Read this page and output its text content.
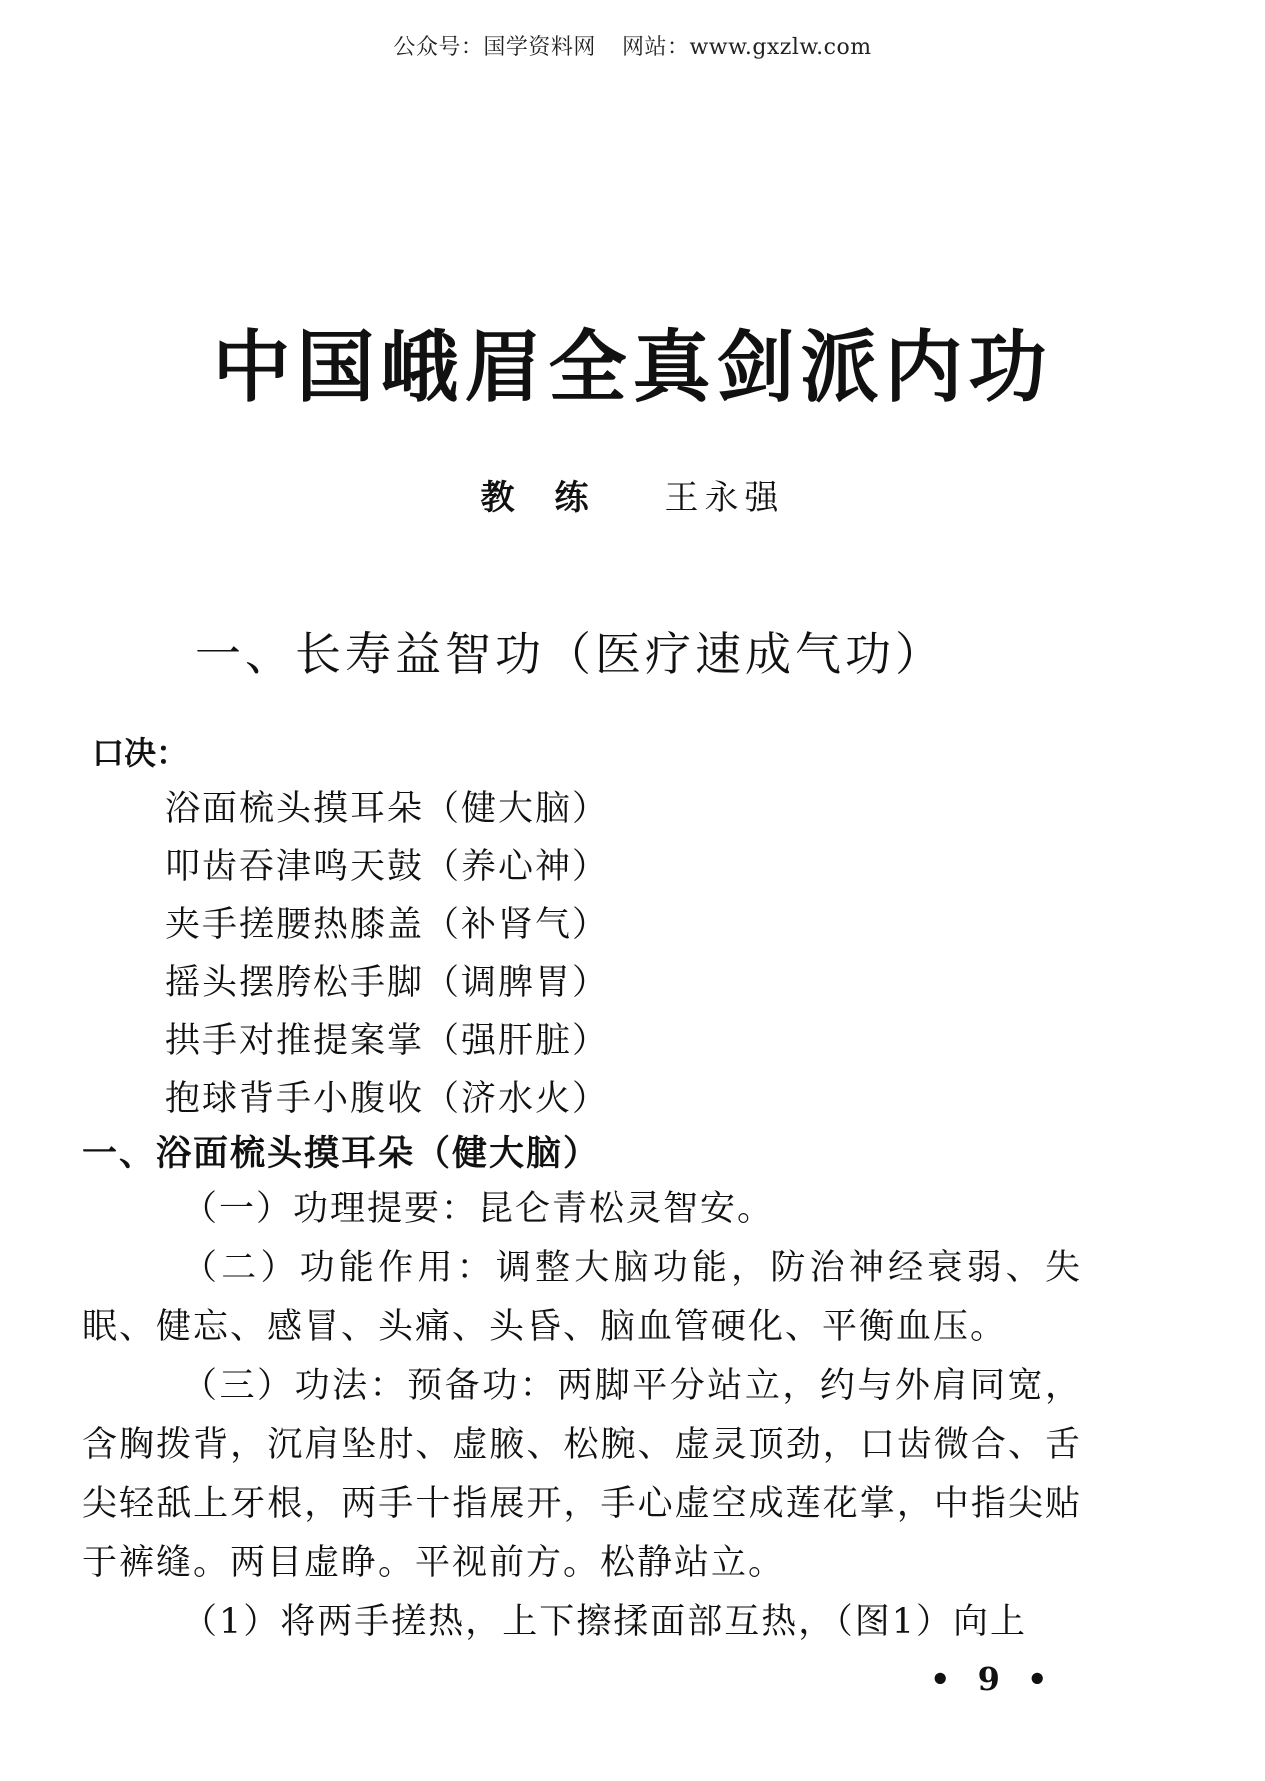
公众号：国学资料网 网站：www.gxzlw.com
中国峨眉全真剑派内功
教练 王永强
一、长寿益智功（医疗速成气功）
口决：
浴面梳头摸耳朵（健大脑）
叩齿吞津鸣天鼓（养心神）
夹手搓腰热膝盖（补肾气）
摇头摆胯松手脚（调脾胃）
拱手对推提案掌（强肝脏）
抱球背手小腹收（济水火）
一、浴面梳头摸耳朵（健大脑）
（一）功理提要：昆仑青松灵智安。
（二）功能作用：调整大脑功能，防治神经衰弱、失眠、健忘、感冒、头痛、头昏、脑血管硬化、平衡血压。
（三）功法：预备功：两脚平分站立，约与外肩同宽，含胸拨背，沉肩坠肘、虚腋、松腕、虚灵顶劲，口齿微合、舌尖轻舐上牙根，两手十指展开，手心虚空成莲花掌，中指尖贴于裤缝。两目虚睁。平视前方。松静站立。
（1）将两手搓热，上下擦揉面部互热，（图1）向上
• 9 •
